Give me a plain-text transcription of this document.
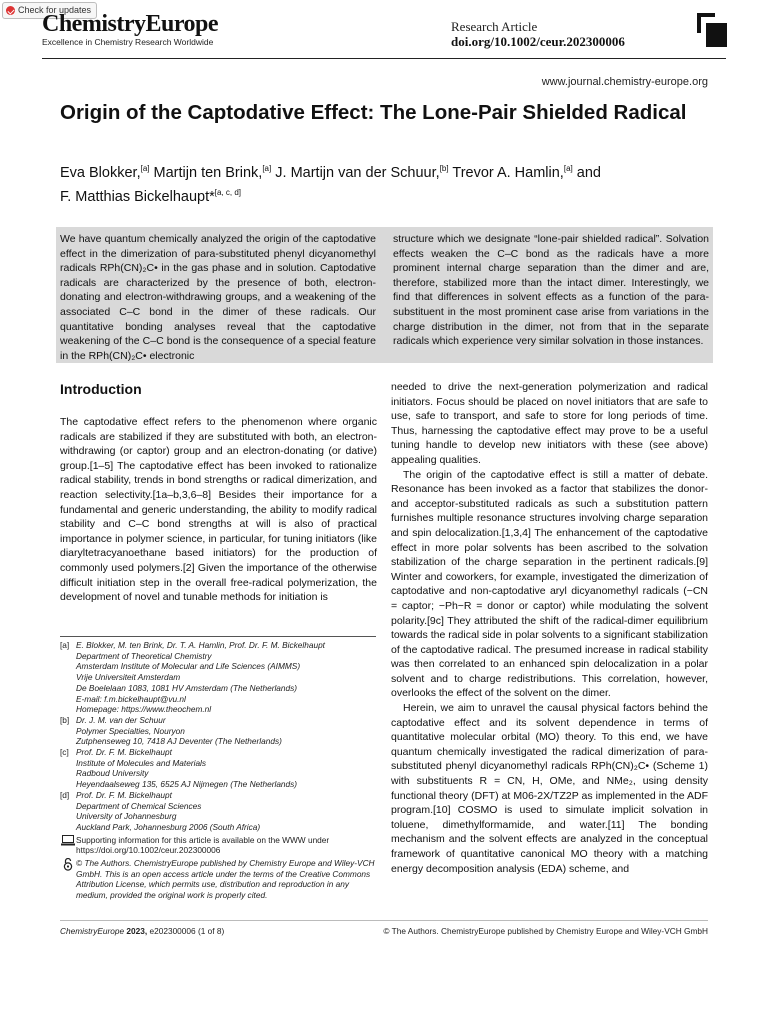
Check for updates
ChemistryEurope
Excellence in Chemistry Research Worldwide
Research Article
doi.org/10.1002/ceur.202300006
www.journal.chemistry-europe.org
Origin of the Captodative Effect: The Lone-Pair Shielded Radical
Eva Blokker,[a] Martijn ten Brink,[a] J. Martijn van der Schuur,[b] Trevor A. Hamlin,[a] and
F. Matthias Bickelhaupt*[a, c, d]
We have quantum chemically analyzed the origin of the captodative effect in the dimerization of para-substituted phenyl dicyanomethyl radicals RPh(CN)₂C• in the gas phase and in solution. Captodative radicals are characterized by the presence of both, electron-donating and electron-withdrawing groups, and a weakening of the associated C–C bond in the dimer of these radicals. Our quantitative bonding analyses reveal that the captodative weakening of the C–C bond is the consequence of a special feature in the RPh(CN)₂C• electronic
structure which we designate “lone-pair shielded radical”. Solvation effects weaken the C–C bond as the radicals have a more prominent internal charge separation than the dimer and are, therefore, stabilized more than the intact dimer. Interestingly, we find that differences in solvent effects as a function of the para-substituent in the most prominent case arise from variations in the charge distribution in the dimer, not from that in the separate radicals which experience very similar solvation in those instances.
Introduction

The captodative effect refers to the phenomenon where organic radicals are stabilized if they are substituted with both, an electron-withdrawing (or captor) group and an electron-donating (or dative) group.[1–5] The captodative effect has been invoked to rationalize radical stability, trends in bond strengths or radical dimerization, and reaction selectivity.[1a–b,3,6–8] Besides their importance for a fundamental and generic understanding, the ability to modify radical stability and C–C bond strengths at will is also of practical importance in polymer science, in particular, for tuning initiators (like diaryltetracyanoethane based initiators) for the production of commonly used polymers.[2] Given the importance of the otherwise difficult initiation step in the overall free-radical polymerization, the development of novel and tunable methods for initiation is

needed to drive the next-generation polymerization and radical initiators. Focus should be placed on novel initiators that are safe to use, safe to transport, and safe to store for long periods of time. Thus, harnessing the captodative effect may prove to be a useful tuning handle to develop new initiators with these (see above) appealing qualities.

The origin of the captodative effect is still a matter of debate. Resonance has been invoked as a factor that stabilizes the donor- and acceptor-substituted radicals as such a substitution pattern furnishes multiple resonance structures involving charge separation and spin delocalization.[1,3,4] The enhancement of the captodative effect in more polar solvents has been ascribed to the solvation stabilization of the charge separation in the pertinent radicals.[9] Winter and coworkers, for example, investigated the dimerization of captodative and non-captodative aryl dicyanomethyl radicals (−CN = captor; −Ph−R = donor or captor) while modulating the solvent polarity.[9c] They attributed the shift of the radical-dimer equilibrium towards the radical side in polar solvents to a significant stabilization of the captodative radical. The presumed increase in radical stability was then correlated to an enhanced spin delocalization in a polar solvent and to charge redistributions. This correlation, however, overlooks the effect of the solvent on the dimer.

Herein, we aim to unravel the causal physical factors behind the captodative effect and its solvent dependence in terms of quantitative molecular orbital (MO) theory. To this end, we have quantum chemically investigated the radical dimerization of para-substituted phenyl dicyanomethyl radicals RPh(CN)₂C• (Scheme 1) with substituents R = CN, H, OMe, and NMe₂, using density functional theory (DFT) at M06-2X/TZ2P as implemented in the ADF program.[10] COSMO is used to simulate implicit solvation in toluene, dimethylformamide, and water.[11] The bonding mechanism and the solvent effects are analyzed in the conceptual framework of quantitative canonical MO theory with a matching energy decomposition analysis (EDA) scheme, and

[a] E. Blokker, M. ten Brink, Dr. T. A. Hamlin, Prof. Dr. F. M. Bickelhaupt
Department of Theoretical Chemistry
Amsterdam Institute of Molecular and Life Sciences (AIMMS)
Vrije Universiteit Amsterdam
De Boelelaan 1083, 1081 HV Amsterdam (The Netherlands)
E-mail: f.m.bickelhaupt@vu.nl
Homepage: https://www.theochem.nl
[b] Dr. J. M. van der Schuur
Polymer Specialties, Nouryon
Zutphenseweg 10, 7418 AJ Deventer (The Netherlands)
[c] Prof. Dr. F. M. Bickelhaupt
Institute of Molecules and Materials
Radboud University
Heyendaalseweg 135, 6525 AJ Nijmegen (The Netherlands)
[d] Prof. Dr. F. M. Bickelhaupt
Department of Chemical Sciences
University of Johannesburg
Auckland Park, Johannesburg 2006 (South Africa)
Supporting information for this article is available on the WWW under https://doi.org/10.1002/ceur.202300006
© The Authors. ChemistryEurope published by Chemistry Europe and Wiley-VCH GmbH. This is an open access article under the terms of the Creative Commons Attribution License, which permits use, distribution and reproduction in any medium, provided the original work is properly cited.
ChemistryEurope 2023, e202300006 (1 of 8)	© The Authors. ChemistryEurope published by Chemistry Europe and Wiley-VCH GmbH
